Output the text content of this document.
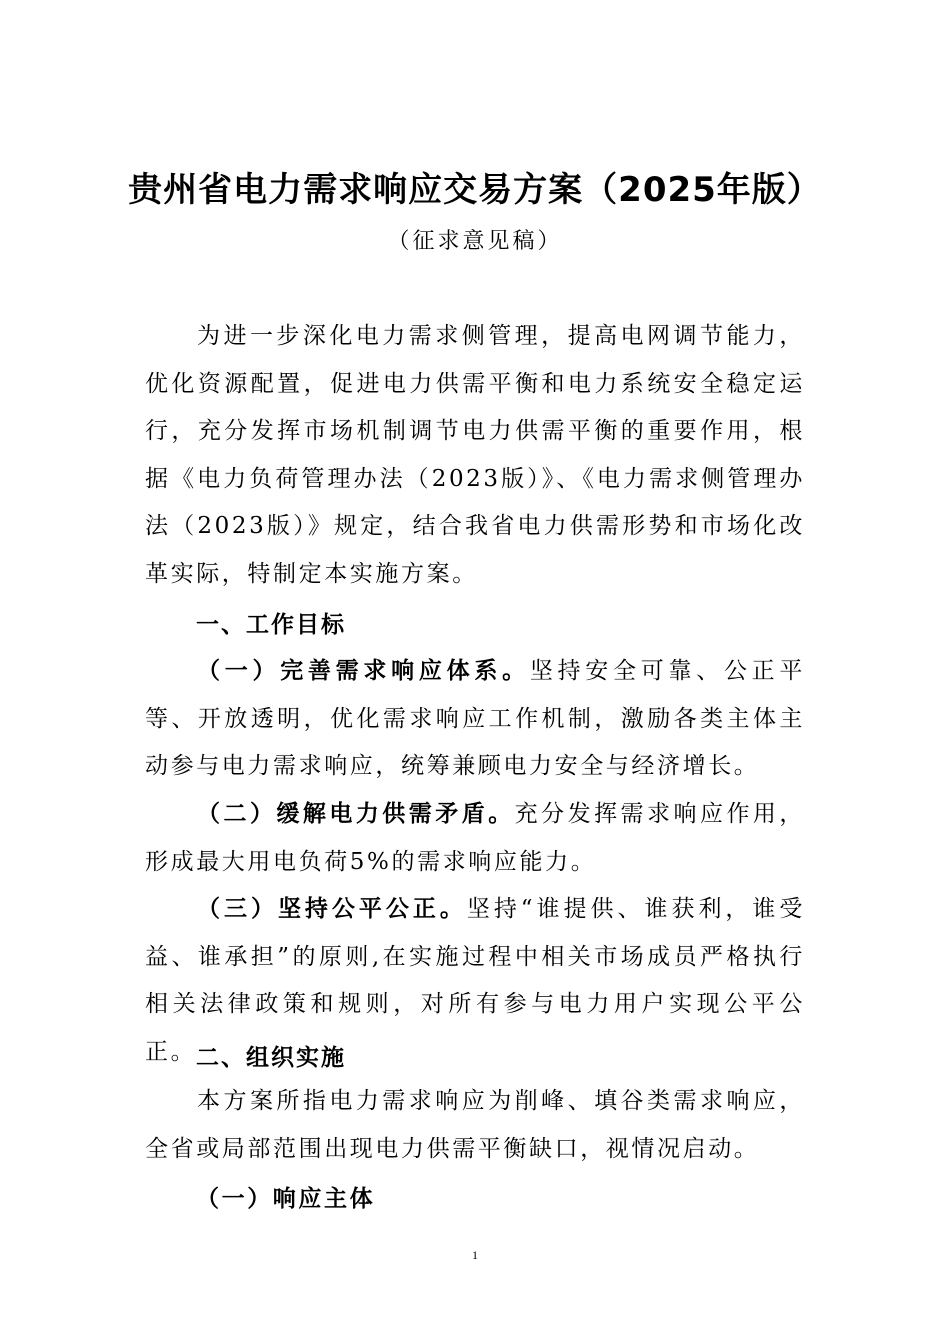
贵州省电力需求响应交易方案（2025年版）
（征求意见稿）
为进一步深化电力需求侧管理，提高电网调节能力，优化资源配置，促进电力供需平衡和电力系统安全稳定运行，充分发挥市场机制调节电力供需平衡的重要作用，根据《电力负荷管理办法（2023版）》、《电力需求侧管理办法（2023版）》规定，结合我省电力供需形势和市场化改革实际，特制定本实施方案。
一、工作目标
（一）完善需求响应体系。坚持安全可靠、公正平等、开放透明，优化需求响应工作机制，激励各类主体主动参与电力需求响应，统筹兼顾电力安全与经济增长。
（二）缓解电力供需矛盾。充分发挥需求响应作用，形成最大用电负荷5%的需求响应能力。
（三）坚持公平公正。坚持“谁提供、谁获利，谁受益、谁承担”的原则,在实施过程中相关市场成员严格执行相关法律政策和规则，对所有参与电力用户实现公平公正。 二、组织实施
本方案所指电力需求响应为削峰、填谷类需求响应，全省或局部范围出现电力供需平衡缺口，视情况启动。
（一）响应主体
1
